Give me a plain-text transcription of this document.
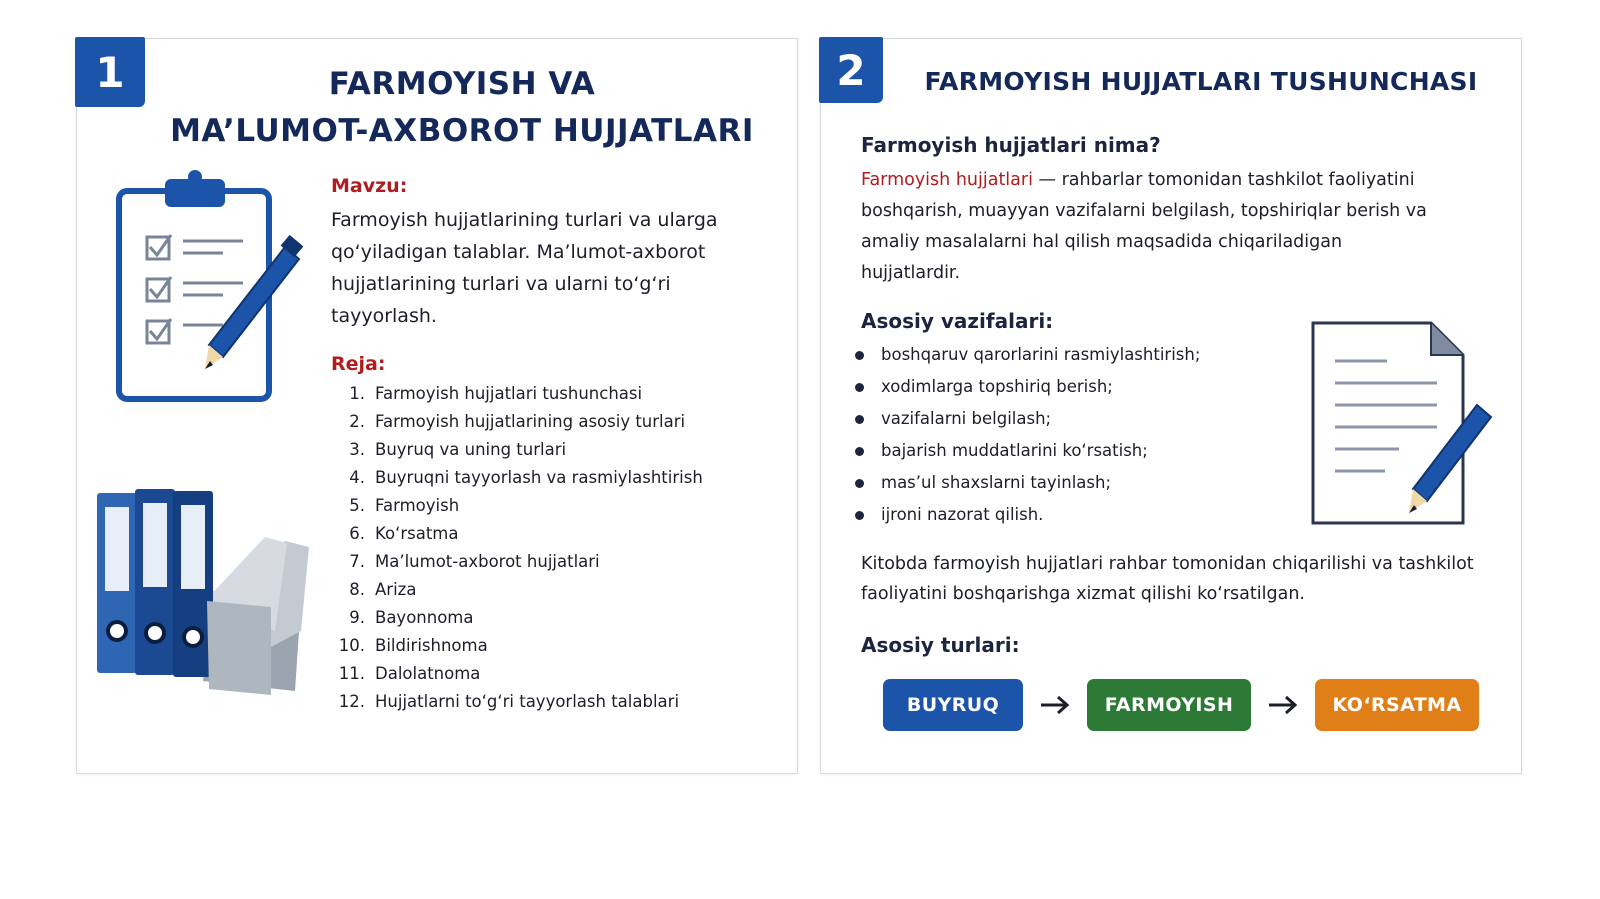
1	FARMOYISH VA
MA’LUMOT-AXBOROT HUJJATLARI
Mavzu:
Farmoyish hujjatlarining turlari va ularga qo‘yiladigan talablar. Ma’lumot-axborot hujjatlarining turlari va ularni to‘g‘ri tayyorlash.
Reja:
1. Farmoyish hujjatlari tushunchasi
2. Farmoyish hujjatlarining asosiy turlari
3. Buyruq va uning turlari
4. Buyruqni tayyorlash va rasmiylashtirish
5. Farmoyish
6. Ko‘rsatma
7. Ma’lumot-axborot hujjatlari
8. Ariza
9. Bayonnoma
10. Bildirishnoma
11. Dalolatnoma
12. Hujjatlarni to‘g‘ri tayyorlash talablari
2	FARMOYISH HUJJATLARI TUSHUNCHASI
Farmoyish hujjatlari nima?
Farmoyish hujjatlari — rahbarlar tomonidan tashkilot faoliyatini boshqarish, muayyan vazifalarni belgilash, topshiriqlar berish va amaliy masalalarni hal qilish maqsadida chiqariladigan hujjatlardir.
Asosiy vazifalari:
boshqaruv qarorlarini rasmiylashtirish;
xodimlarga topshiriq berish;
vazifalarni belgilash;
bajarish muddatlarini ko‘rsatish;
mas’ul shaxslarni tayinlash;
ijroni nazorat qilish.
Kitobda farmoyish hujjatlari rahbar tomonidan chiqarilishi va tashkilot faoliyatini boshqarishga xizmat qilishi ko‘rsatilgan.
Asosiy turlari:
BUYRUQ	FARMOYISH	KO‘RSATMA
